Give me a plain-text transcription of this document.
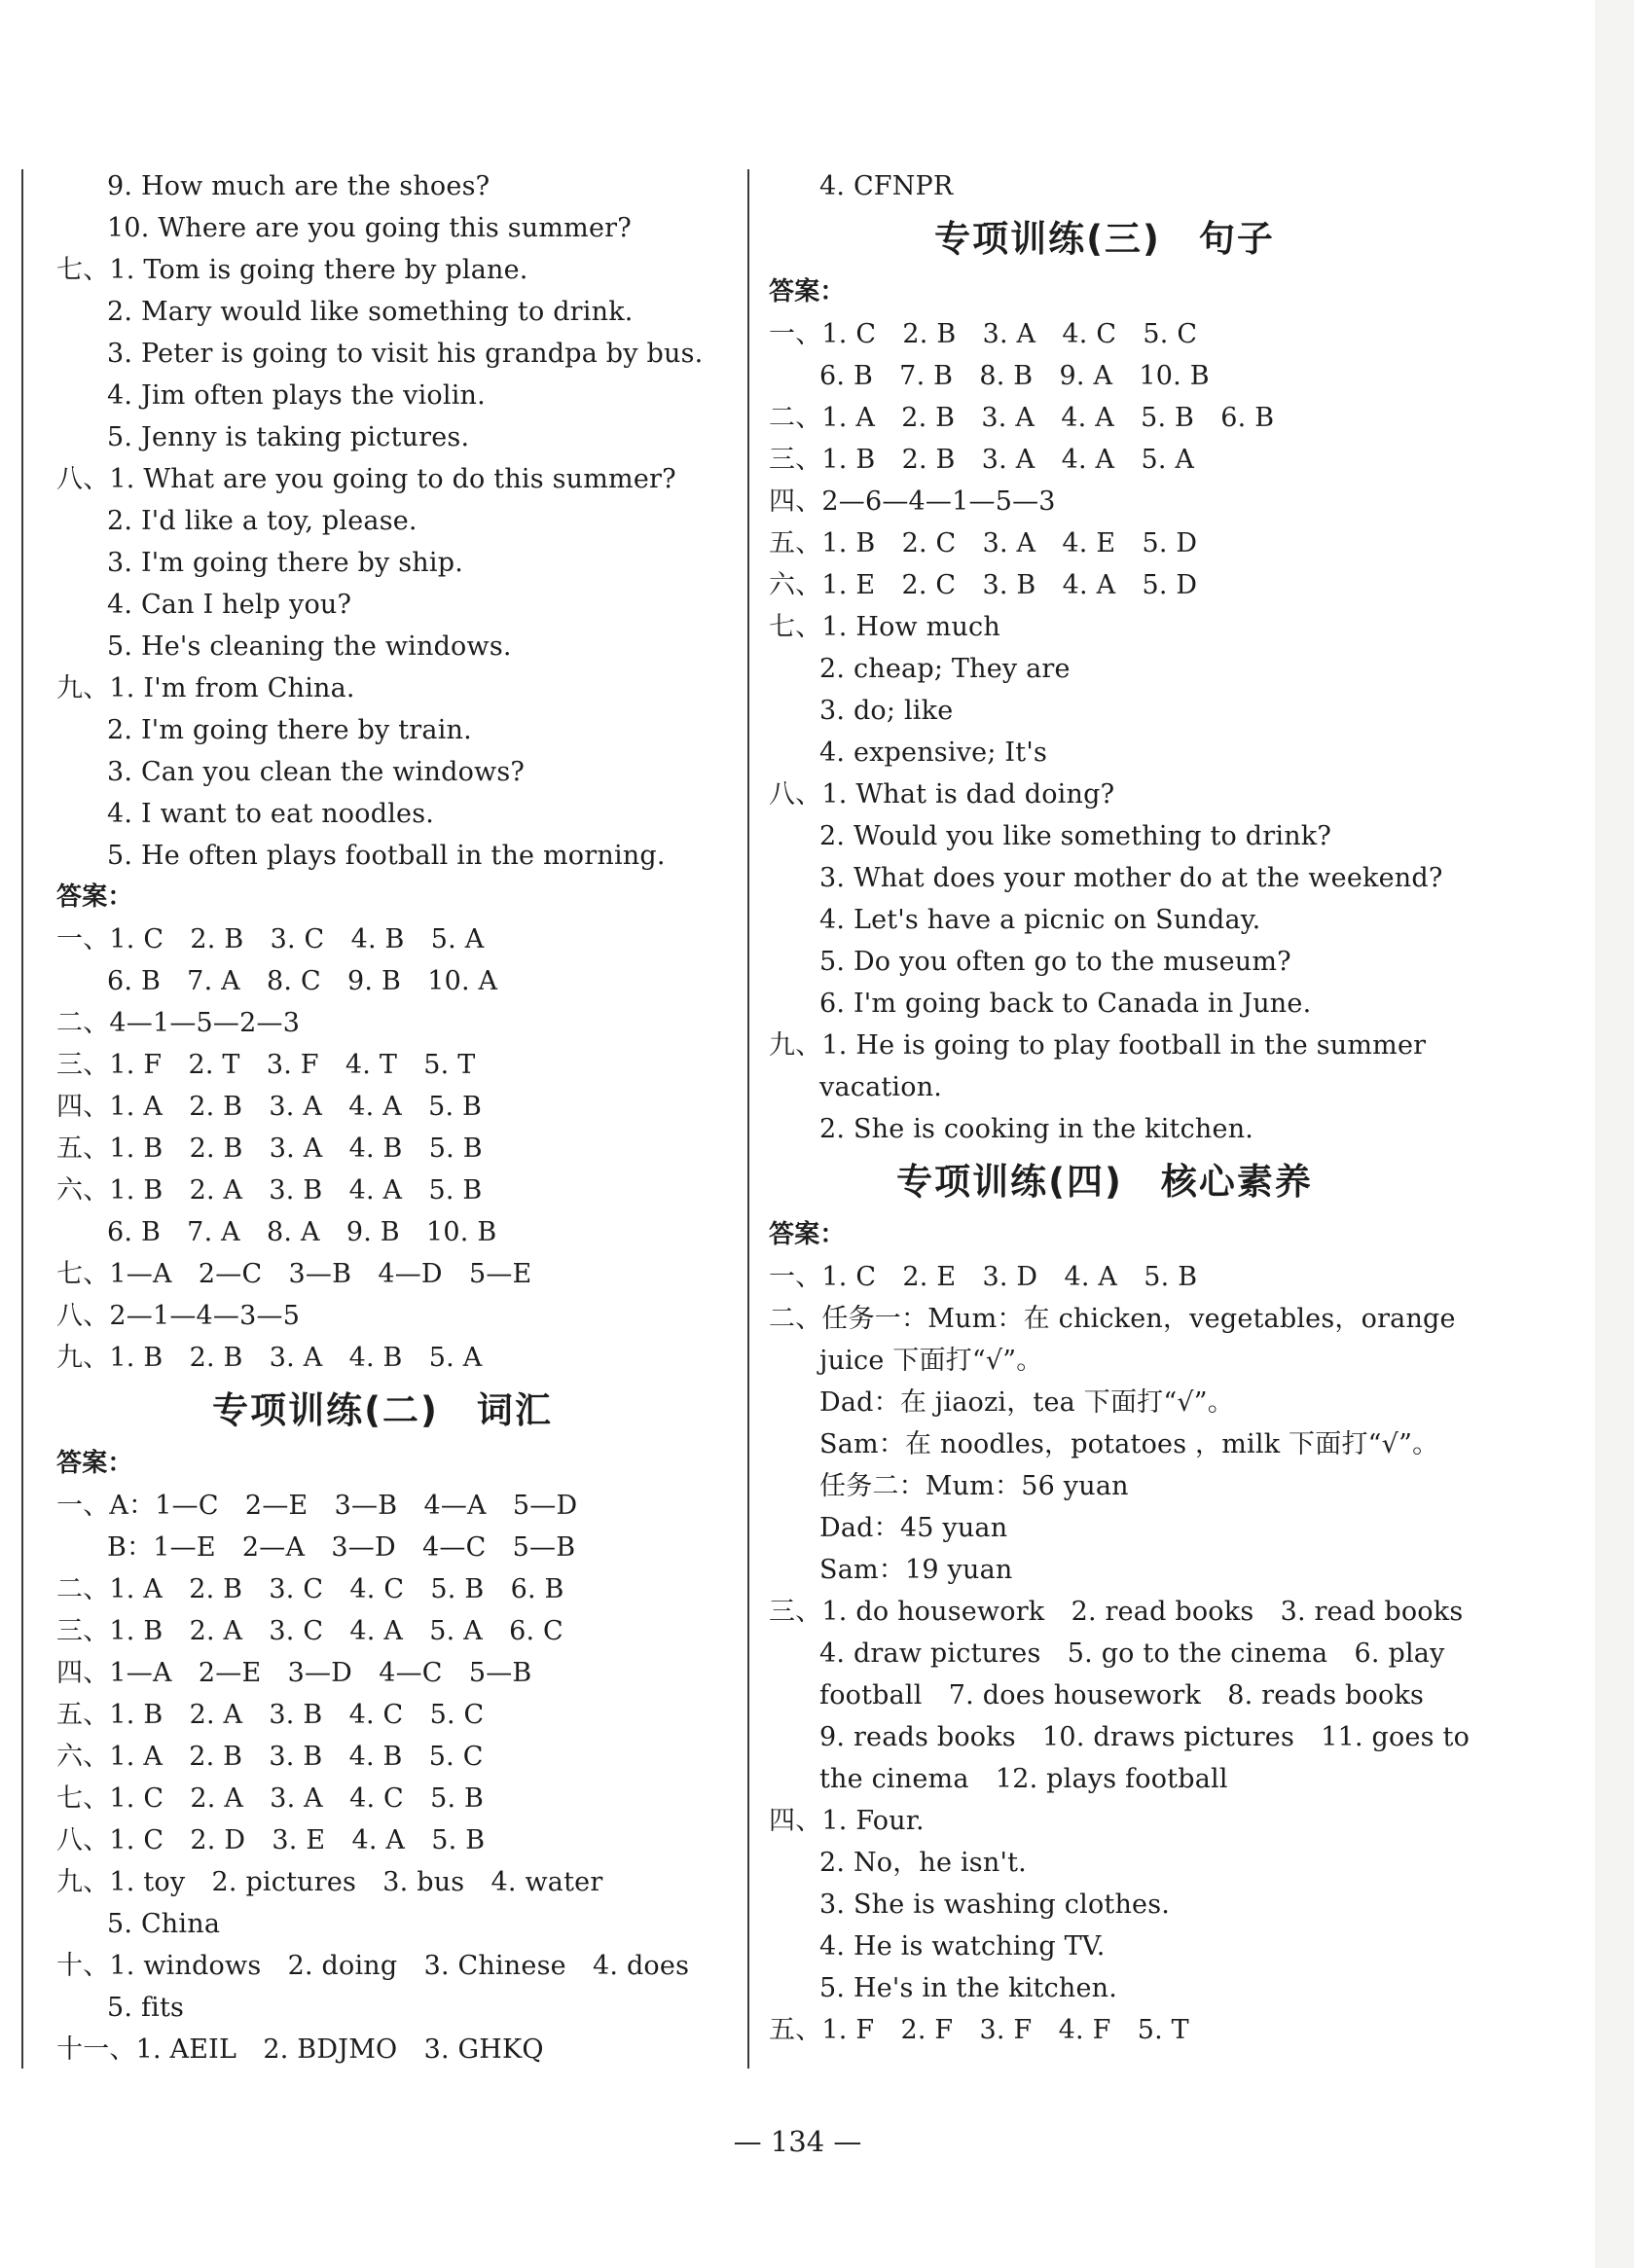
9. How much are the shoes?
10. Where are you going this summer?
七、1. Tom is going there by plane.
2. Mary would like something to drink.
3. Peter is going to visit his grandpa by bus.
4. Jim often plays the violin.
5. Jenny is taking pictures.
八、1. What are you going to do this summer?
2. I'd like a toy, please.
3. I'm going there by ship.
4. Can I help you?
5. He's cleaning the windows.
九、1. I'm from China.
2. I'm going there by train.
3. Can you clean the windows?
4. I want to eat noodles.
5. He often plays football in the morning.
答案：
一、1. C　2. B　3. C　4. B　5. A
6. B　7. A　8. C　9. B　10. A
二、4—1—5—2—3
三、1. F　2. T　3. F　4. T　5. T
四、1. A　2. B　3. A　4. A　5. B
五、1. B　2. B　3. A　4. B　5. B
六、1. B　2. A　3. B　4. A　5. B
6. B　7. A　8. A　9. B　10. B
七、1—A　2—C　3—B　4—D　5—E
八、2—1—4—3—5
九、1. B　2. B　3. A　4. B　5. A
专项训练(二)　词汇
答案：
一、A：1—C　2—E　3—B　4—A　5—D
B：1—E　2—A　3—D　4—C　5—B
二、1. A　2. B　3. C　4. C　5. B　6. B
三、1. B　2. A　3. C　4. A　5. A　6. C
四、1—A　2—E　3—D　4—C　5—B
五、1. B　2. A　3. B　4. C　5. C
六、1. A　2. B　3. B　4. B　5. C
七、1. C　2. A　3. A　4. C　5. B
八、1. C　2. D　3. E　4. A　5. B
九、1. toy　2. pictures　3. bus　4. water
5. China
十、1. windows　2. doing　3. Chinese　4. does
5. fits
十一、1. AEIL　2. BDJMO　3. GHKQ
4. CFNPR
专项训练(三)　句子
答案：
一、1. C　2. B　3. A　4. C　5. C
6. B　7. B　8. B　9. A　10. B
二、1. A　2. B　3. A　4. A　5. B　6. B
三、1. B　2. B　3. A　4. A　5. A
四、2—6—4—1—5—3
五、1. B　2. C　3. A　4. E　5. D
六、1. E　2. C　3. B　4. A　5. D
七、1. How much
2. cheap; They are
3. do; like
4. expensive; It's
八、1. What is dad doing?
2. Would you like something to drink?
3. What does your mother do at the weekend?
4. Let's have a picnic on Sunday.
5. Do you often go to the museum?
6. I'm going back to Canada in June.
九、1. He is going to play football in the summer
vacation.
2. She is cooking in the kitchen.
专项训练(四)　核心素养
答案：
一、1. C　2. E　3. D　4. A　5. B
二、任务一：Mum：在 chicken，vegetables，orange
juice 下面打“√”。
Dad：在 jiaozi，tea 下面打“√”。
Sam：在 noodles，potatoes ，milk 下面打“√”。
任务二：Mum：56 yuan
Dad：45 yuan
Sam：19 yuan
三、1. do housework　2. read books　3. read books
4. draw pictures　5. go to the cinema　6. play
football　7. does housework　8. reads books
9. reads books　10. draws pictures　11. goes to
the cinema　12. plays football
四、1. Four.
2. No，he isn't.
3. She is washing clothes.
4. He is watching TV.
5. He's in the kitchen.
五、1. F　2. F　3. F　4. F　5. T
— 134 —
